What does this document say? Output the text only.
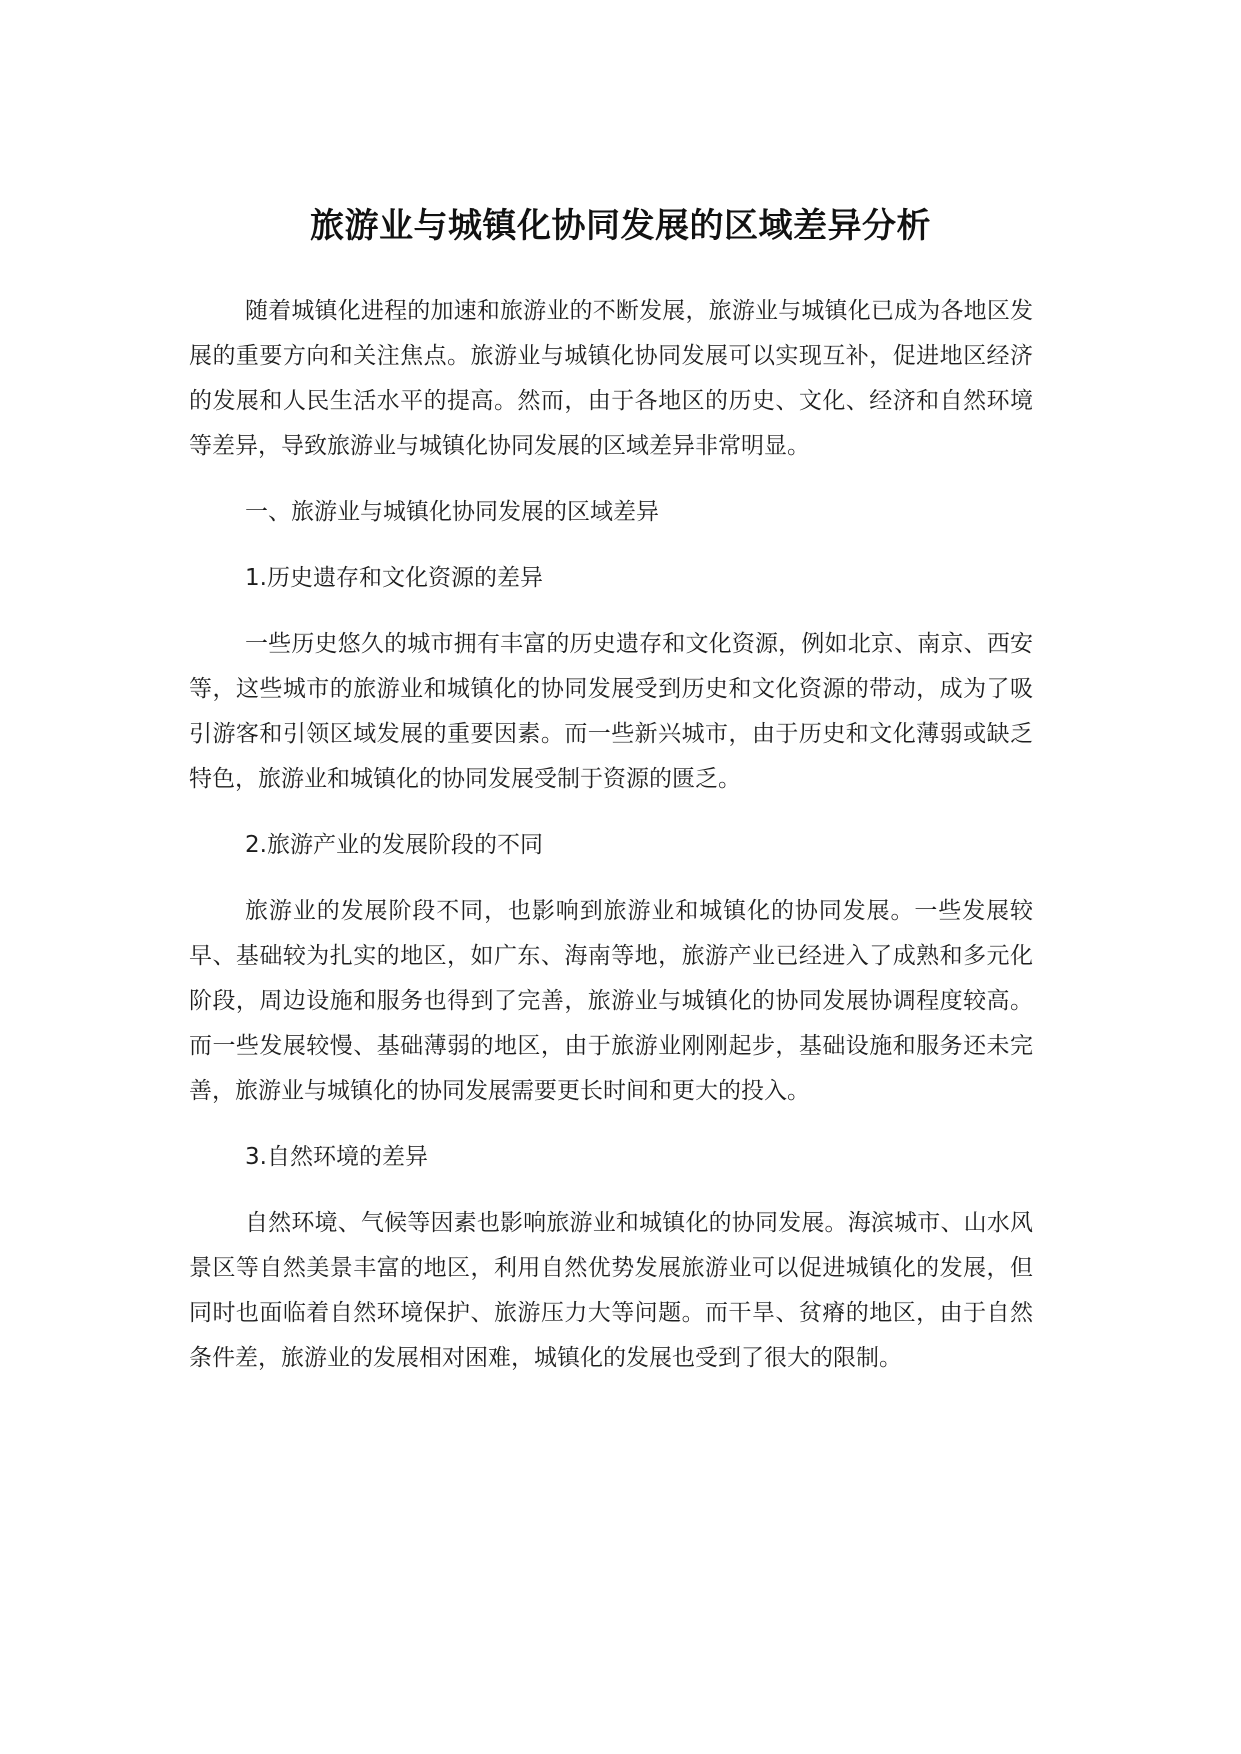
旅游业与城镇化协同发展的区域差异分析

随着城镇化进程的加速和旅游业的不断发展，旅游业与城镇化已成为各地区发展的重要方向和关注焦点。旅游业与城镇化协同发展可以实现互补，促进地区经济的发展和人民生活水平的提高。然而，由于各地区的历史、文化、经济和自然环境等差异，导致旅游业与城镇化协同发展的区域差异非常明显。

一、旅游业与城镇化协同发展的区域差异

1.历史遗存和文化资源的差异

一些历史悠久的城市拥有丰富的历史遗存和文化资源，例如北京、南京、西安等，这些城市的旅游业和城镇化的协同发展受到历史和文化资源的带动，成为了吸引游客和引领区域发展的重要因素。而一些新兴城市，由于历史和文化薄弱或缺乏特色，旅游业和城镇化的协同发展受制于资源的匮乏。

2.旅游产业的发展阶段的不同

旅游业的发展阶段不同，也影响到旅游业和城镇化的协同发展。一些发展较早、基础较为扎实的地区，如广东、海南等地，旅游产业已经进入了成熟和多元化阶段，周边设施和服务也得到了完善，旅游业与城镇化的协同发展协调程度较高。而一些发展较慢、基础薄弱的地区，由于旅游业刚刚起步，基础设施和服务还未完善，旅游业与城镇化的协同发展需要更长时间和更大的投入。

3.自然环境的差异

自然环境、气候等因素也影响旅游业和城镇化的协同发展。海滨城市、山水风景区等自然美景丰富的地区，利用自然优势发展旅游业可以促进城镇化的发展，但同时也面临着自然环境保护、旅游压力大等问题。而干旱、贫瘠的地区，由于自然条件差，旅游业的发展相对困难，城镇化的发展也受到了很大的限制。
